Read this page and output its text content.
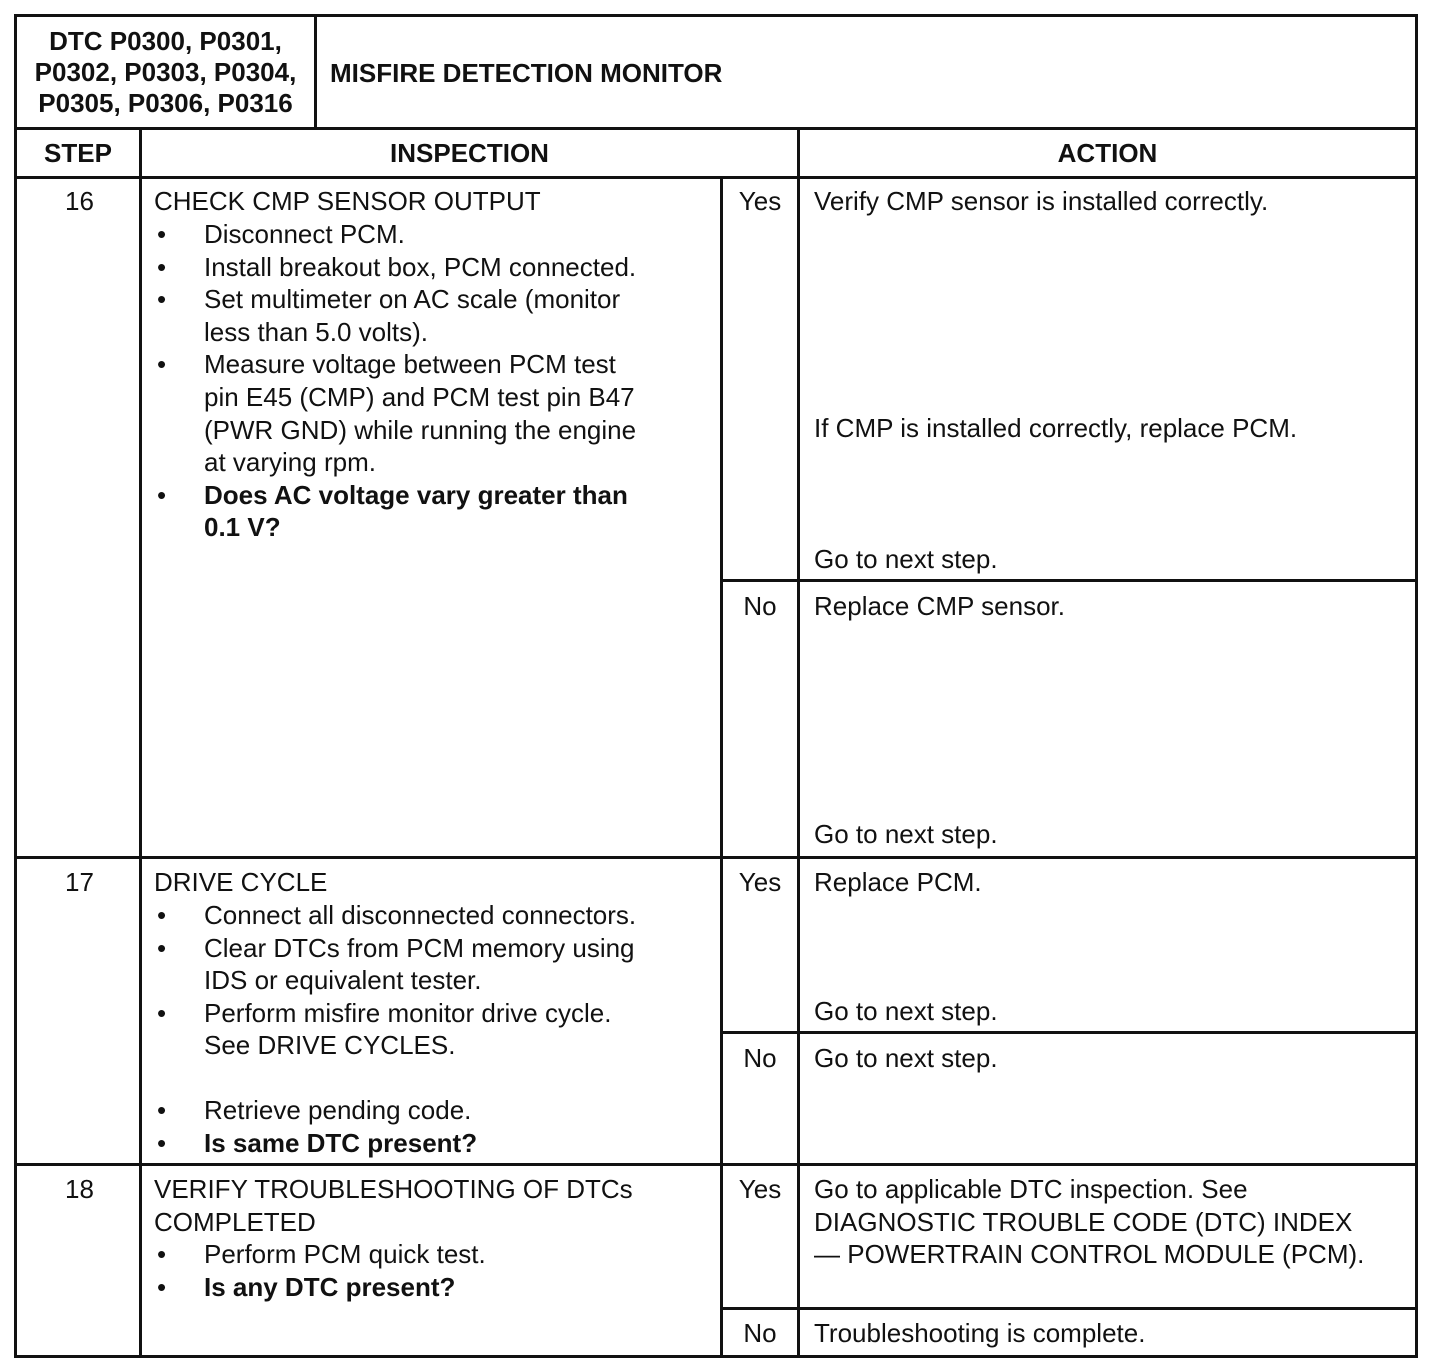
DTC P0300, P0301,
P0302, P0303, P0304,
P0305, P0306, P0316
MISFIRE DETECTION MONITOR
STEP	INSPECTION	ACTION
16	CHECK CMP SENSOR OUTPUT
• Disconnect PCM.
• Install breakout box, PCM connected.
• Set multimeter on AC scale (monitor
less than 5.0 volts).
• Measure voltage between PCM test
pin E45 (CMP) and PCM test pin B47
(PWR GND) while running the engine
at varying rpm.
• Does AC voltage vary greater than
0.1 V?
Yes	Verify CMP sensor is installed correctly.
If CMP is installed correctly, replace PCM.
Go to next step.
No	Replace CMP sensor.
Go to next step.
17	DRIVE CYCLE
• Connect all disconnected connectors.
• Clear DTCs from PCM memory using
IDS or equivalent tester.
• Perform misfire monitor drive cycle.
See DRIVE CYCLES.
• Retrieve pending code.
• Is same DTC present?
Yes	Replace PCM.
Go to next step.
No	Go to next step.
18	VERIFY TROUBLESHOOTING OF DTCs
COMPLETED
• Perform PCM quick test.
• Is any DTC present?
Yes	Go to applicable DTC inspection. See
DIAGNOSTIC TROUBLE CODE (DTC) INDEX
— POWERTRAIN CONTROL MODULE (PCM).
No	Troubleshooting is complete.
